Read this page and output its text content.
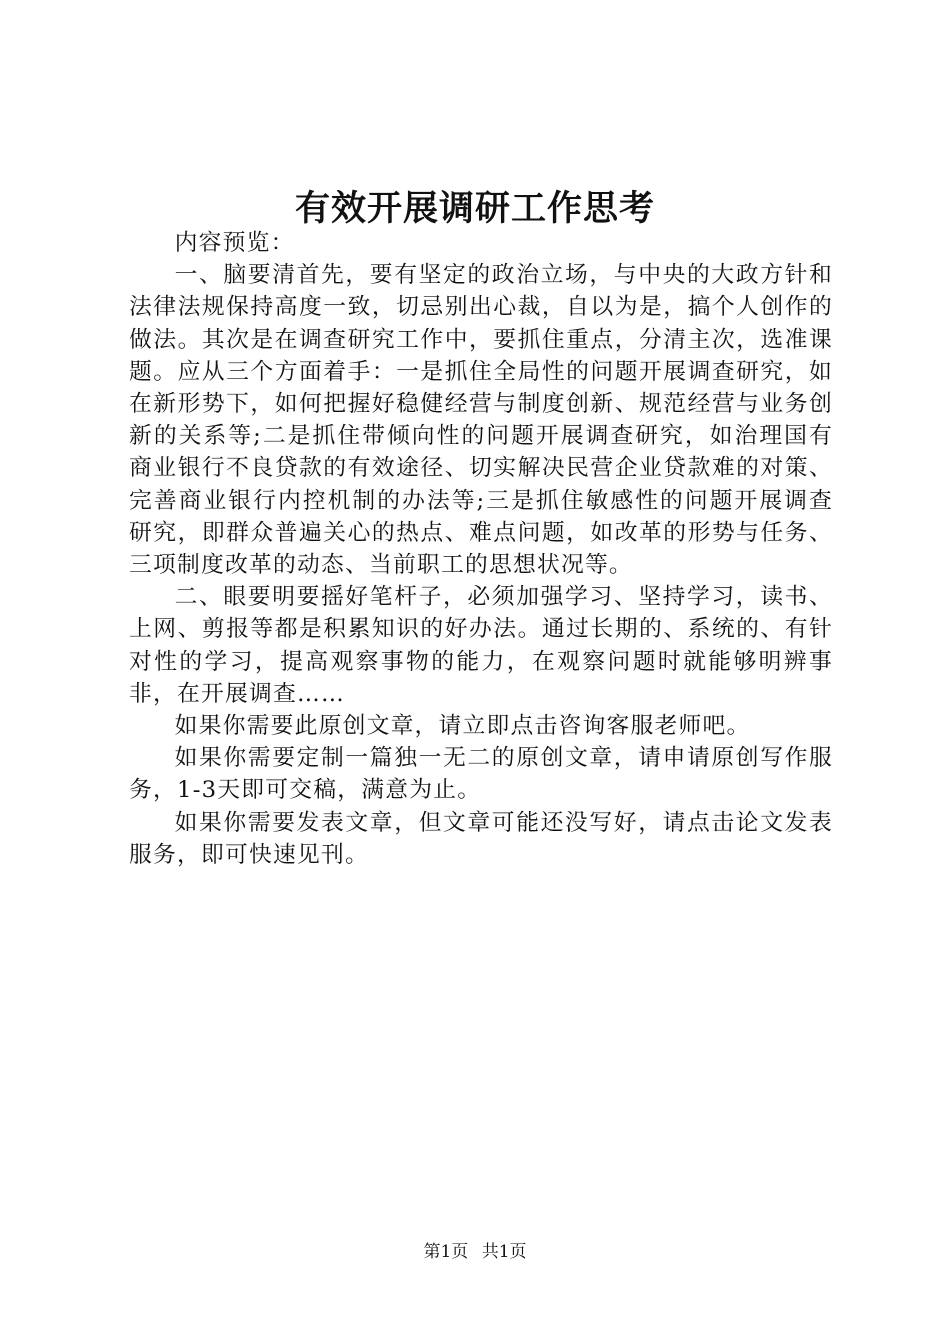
有效开展调研工作思考

内容预览：

一、脑要清首先，要有坚定的政治立场，与中央的大政方针和法律法规保持高度一致，切忌别出心裁，自以为是，搞个人创作的做法。其次是在调查研究工作中，要抓住重点，分清主次，选准课题。应从三个方面着手：一是抓住全局性的问题开展调查研究，如在新形势下，如何把握好稳健经营与制度创新、规范经营与业务创新的关系等;二是抓住带倾向性的问题开展调查研究，如治理国有商业银行不良贷款的有效途径、切实解决民营企业贷款难的对策、完善商业银行内控机制的办法等;三是抓住敏感性的问题开展调查研究，即群众普遍关心的热点、难点问题，如改革的形势与任务、三项制度改革的动态、当前职工的思想状况等。

二、眼要明要摇好笔杆子，必须加强学习、坚持学习，读书、上网、剪报等都是积累知识的好办法。通过长期的、系统的、有针对性的学习，提高观察事物的能力，在观察问题时就能够明辨事非，在开展调查……

如果你需要此原创文章，请立即点击咨询客服老师吧。

如果你需要定制一篇独一无二的原创文章，请申请原创写作服务，1-3天即可交稿，满意为止。

如果你需要发表文章，但文章可能还没写好，请点击论文发表服务，即可快速见刊。

第1页 共1页
